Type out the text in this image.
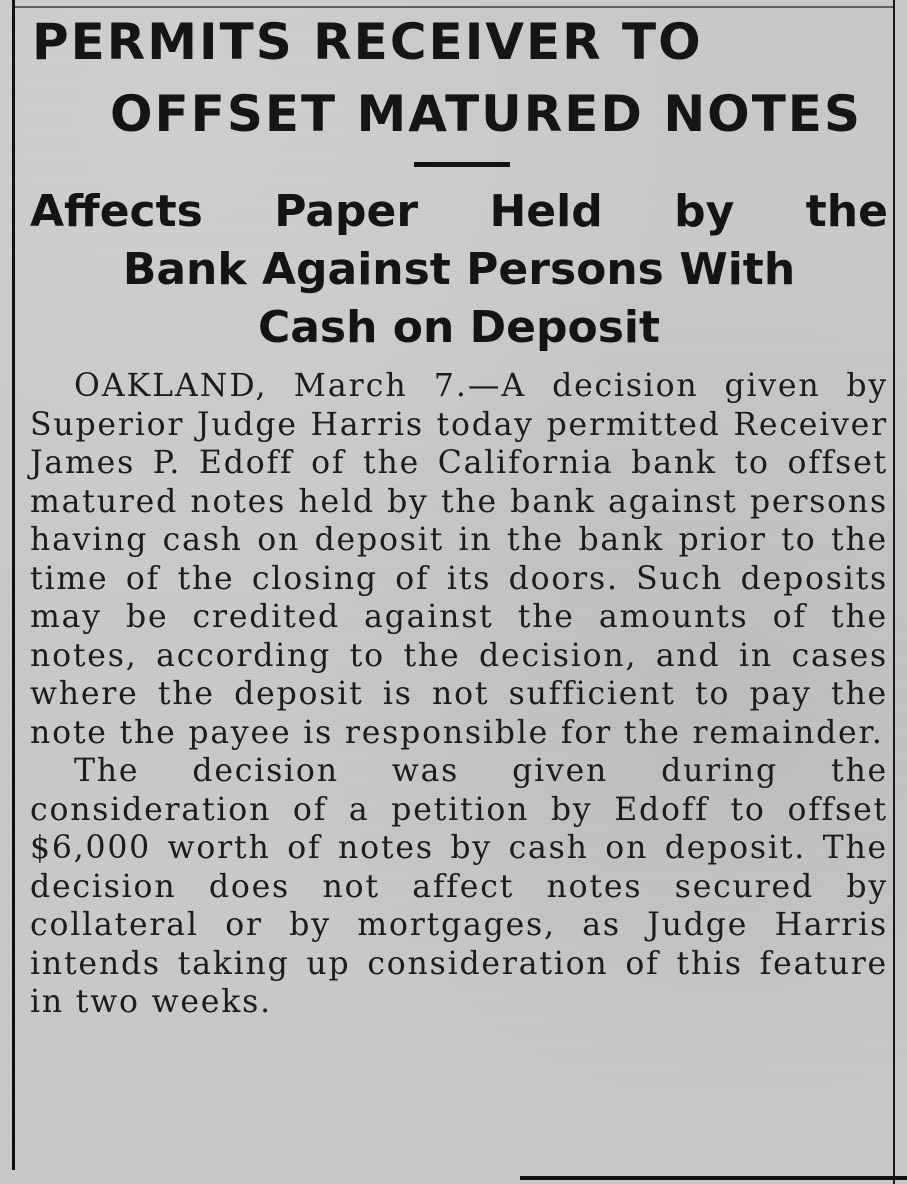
PERMITS RECEIVER TO
OFFSET MATURED NOTES
Affects Paper Held by the
Bank Against Persons With
Cash on Deposit

OAKLAND, March 7.—A decision given by Superior Judge Harris today permitted Receiver James P. Edoff of the California bank to offset matured notes held by the bank against persons having cash on deposit in the bank prior to the time of the closing of its doors. Such deposits may be credited against the amounts of the notes, according to the decision, and in cases where the deposit is not sufficient to pay the note the payee is responsible for the remainder.

The decision was given during the consideration of a petition by Edoff to offset $6,000 worth of notes by cash on deposit. The decision does not affect notes secured by collateral or by mortgages, as Judge Harris intends taking up consideration of this feature in two weeks.
